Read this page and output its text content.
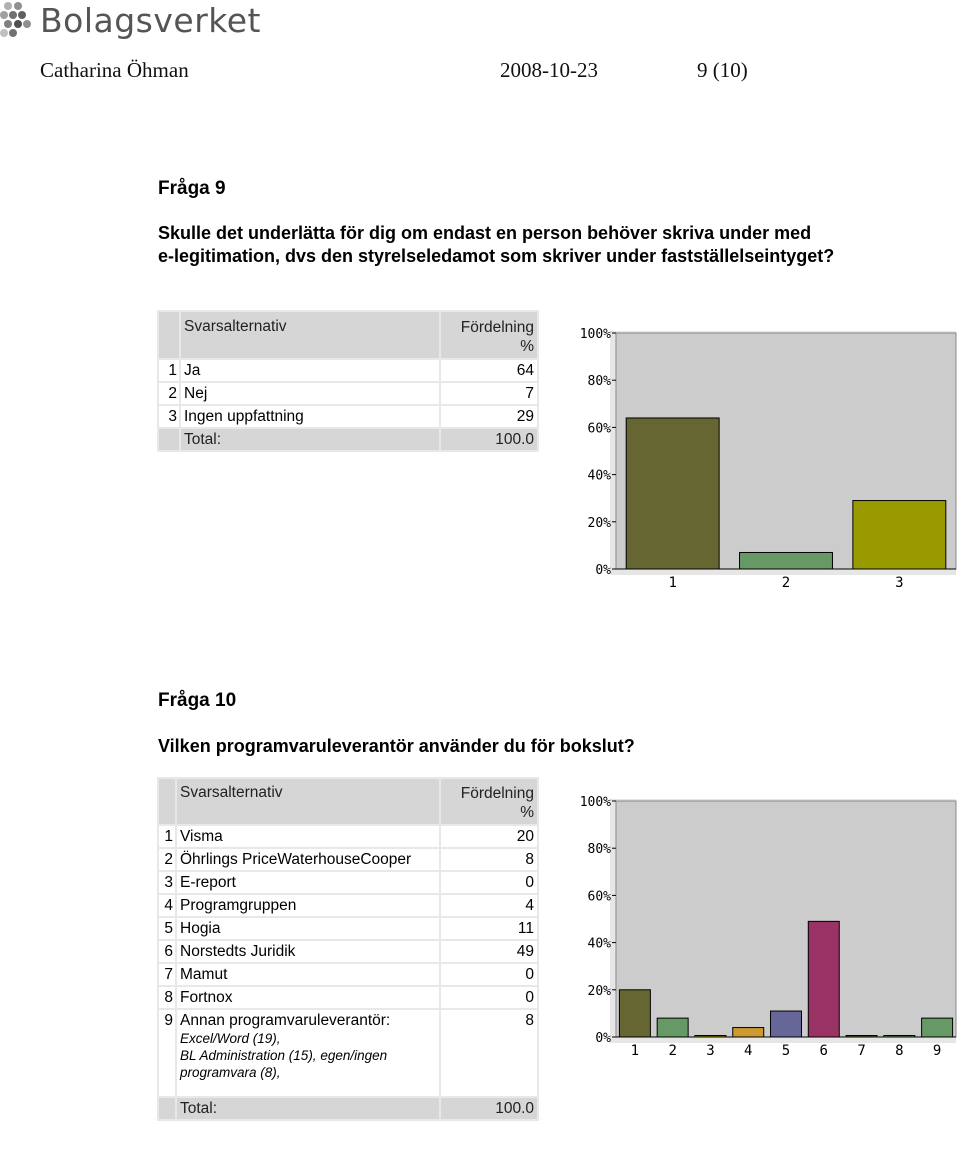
Bolagsverket
Catharina Öhman	2008-10-23	9 (10)
Fråga 9
Skulle det underlätta för dig om endast en person behöver skriva under med
e-legitimation, dvs den styrelseledamot som skriver under fastställelseintyget?
	Svarsalternativ	Fördelning
%
1	Ja	64
2	Nej	7
3	Ingen uppfattning	29
	Total:	100.0
0%
20%
40%
60%
80%
100%
1	2	3
Fråga 10
Vilken programvaruleverantör använder du för bokslut?
	Svarsalternativ	Fördelning
%
1	Visma	20
2	Öhrlings PriceWaterhouseCooper	8
3	E-report	0
4	Programgruppen	4
5	Hogia	11
6	Norstedts Juridik	49
7	Mamut	0
8	Fortnox	0
9	Annan programvaruleverantör:
Excel/Word (19),
BL Administration (15), egen/ingen
programvara (8),	8
	Total:	100.0
0%
20%
40%
60%
80%
100%
1 2 3 4 5 6 7 8 9
